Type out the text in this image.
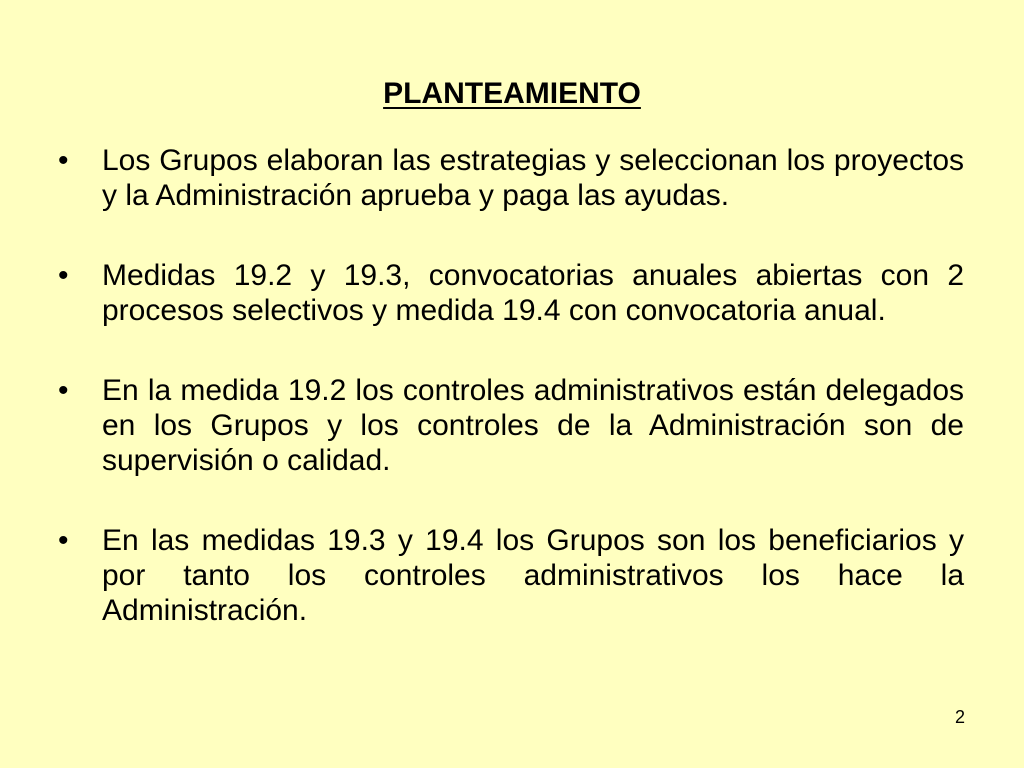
PLANTEAMIENTO
• Los Grupos elaboran las estrategias y seleccionan los proyectos y la Administración aprueba y paga las ayudas.
• Medidas 19.2 y 19.3, convocatorias anuales abiertas con 2 procesos selectivos y medida 19.4 con convocatoria anual.
• En la medida 19.2 los controles administrativos están delegados en los Grupos y los controles de la Administración son de supervisión o calidad.
• En las medidas 19.3 y 19.4 los Grupos son los beneficiarios y por tanto los controles administrativos los hace la Administración.
2
